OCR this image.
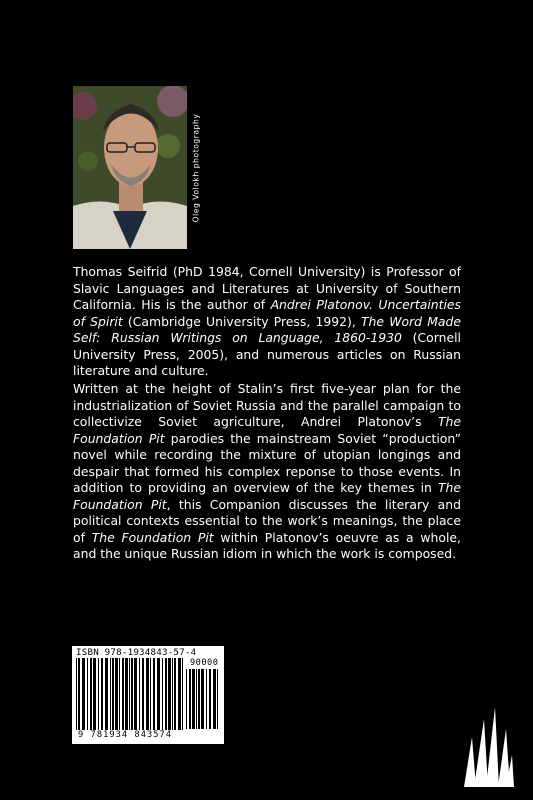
Oleg Volokh photography

Thomas Seifrid (PhD 1984, Cornell University) is Professor of Slavic Languages and Literatures at University of Southern California. His is the author of Andrei Platonov. Uncertainties of Spirit (Cambridge University Press, 1992), The Word Made Self: Russian Writings on Language, 1860-1930 (Cornell University Press, 2005), and numerous articles on Russian literature and culture.

Written at the height of Stalin’s first five-year plan for the industrialization of Soviet Russia and the parallel campaign to collectivize Soviet agriculture, Andrei Platonov’s The Foundation Pit parodies the mainstream Soviet “production” novel while recording the mixture of utopian longings and despair that formed his complex reponse to those events. In addition to providing an overview of the key themes in The Foundation Pit, this Companion discusses the literary and political contexts essential to the work’s meanings, the place of The Foundation Pit within Platonov’s oeuvre as a whole, and the unique Russian idiom in which the work is composed.

ISBN 978-1934843-57-4
90000
9 781934 843574
